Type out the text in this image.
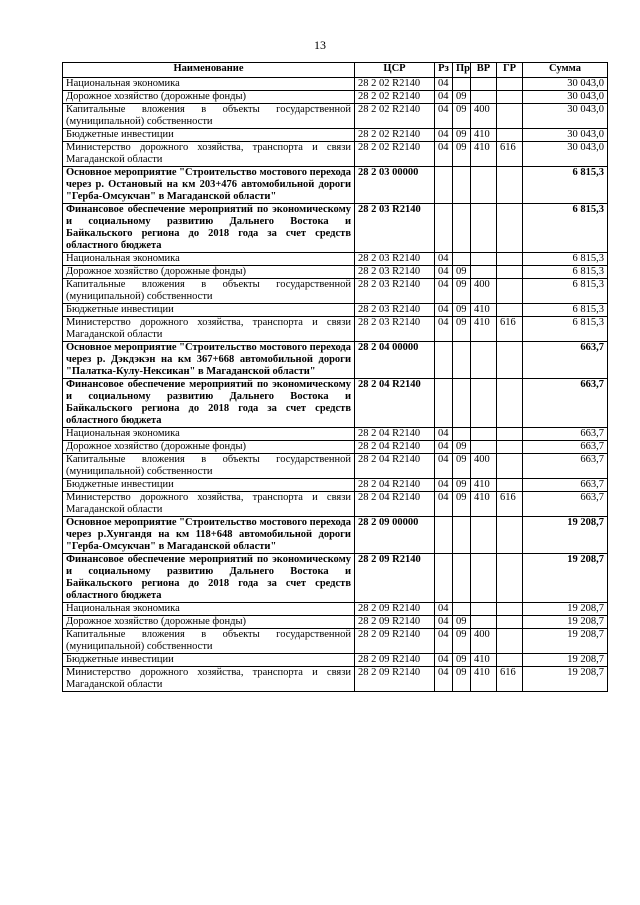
13
Наименование	ЦСР	Рз	Пр	ВР	ГР	Сумма
Национальная экономика	28 2 02 R2140	04				30 043,0
Дорожное хозяйство (дорожные фонды)	28 2 02 R2140	04	09			30 043,0
Капитальные вложения в объекты государственной (муниципальной) собственности	28 2 02 R2140	04	09	400		30 043,0
Бюджетные инвестиции	28 2 02 R2140	04	09	410		30 043,0
Министерство дорожного хозяйства, транспорта и связи Магаданской области	28 2 02 R2140	04	09	410	616	30 043,0
Основное мероприятие "Строительство мостового перехода через р. Остановый на км 203+476 автомобильной дороги "Герба-Омсукчан" в Магаданской области"	28 2 03 00000					6 815,3
Финансовое обеспечение мероприятий по экономическому и социальному развитию Дальнего Востока и Байкальского региона до 2018 года за счет средств областного бюджета	28 2 03 R2140					6 815,3
Национальная экономика	28 2 03 R2140	04				6 815,3
Дорожное хозяйство (дорожные фонды)	28 2 03 R2140	04	09			6 815,3
Капитальные вложения в объекты государственной (муниципальной) собственности	28 2 03 R2140	04	09	400		6 815,3
Бюджетные инвестиции	28 2 03 R2140	04	09	410		6 815,3
Министерство дорожного хозяйства, транспорта и связи Магаданской области	28 2 03 R2140	04	09	410	616	6 815,3
Основное мероприятие "Строительство мостового перехода через р. Дэкдэкэн на км 367+668 автомобильной дороги "Палатка-Кулу-Нексикан" в Магаданской области"	28 2 04 00000					663,7
Финансовое обеспечение мероприятий по экономическому и социальному развитию Дальнего Востока и Байкальского региона до 2018 года за счет средств областного бюджета	28 2 04 R2140					663,7
Национальная экономика	28 2 04 R2140	04				663,7
Дорожное хозяйство (дорожные фонды)	28 2 04 R2140	04	09			663,7
Капитальные вложения в объекты государственной (муниципальной) собственности	28 2 04 R2140	04	09	400		663,7
Бюджетные инвестиции	28 2 04 R2140	04	09	410		663,7
Министерство дорожного хозяйства, транспорта и связи Магаданской области	28 2 04 R2140	04	09	410	616	663,7
Основное мероприятие "Строительство мостового перехода через р.Хунгандя на км 118+648 автомобильной дороги "Герба-Омсукчан" в Магаданской области"	28 2 09 00000					19 208,7
Финансовое обеспечение мероприятий по экономическому и социальному развитию Дальнего Востока и Байкальского региона до 2018 года за счет средств областного бюджета	28 2 09 R2140					19 208,7
Национальная экономика	28 2 09 R2140	04				19 208,7
Дорожное хозяйство (дорожные фонды)	28 2 09 R2140	04	09			19 208,7
Капитальные вложения в объекты государственной (муниципальной) собственности	28 2 09 R2140	04	09	400		19 208,7
Бюджетные инвестиции	28 2 09 R2140	04	09	410		19 208,7
Министерство дорожного хозяйства, транспорта и связи Магаданской области	28 2 09 R2140	04	09	410	616	19 208,7
